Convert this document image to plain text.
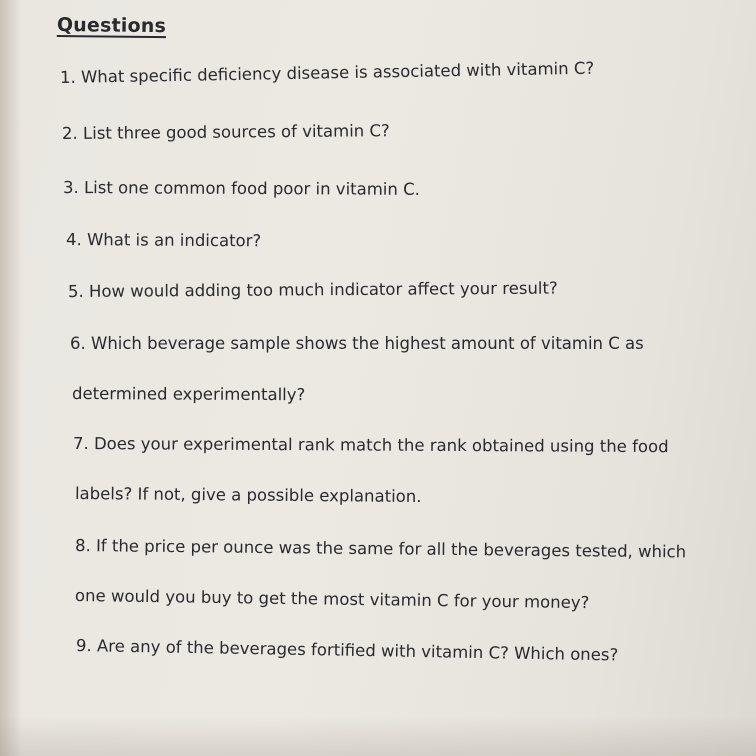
Questions
1. What specific deficiency disease is associated with vitamin C?
2. List three good sources of vitamin C?
3. List one common food poor in vitamin C.
4. What is an indicator?
5. How would adding too much indicator affect your result?
6. Which beverage sample shows the highest amount of vitamin C as
determined experimentally?
7. Does your experimental rank match the rank obtained using the food
labels? If not, give a possible explanation.
8. If the price per ounce was the same for all the beverages tested, which
one would you buy to get the most vitamin C for your money?
9. Are any of the beverages fortified with vitamin C? Which ones?
